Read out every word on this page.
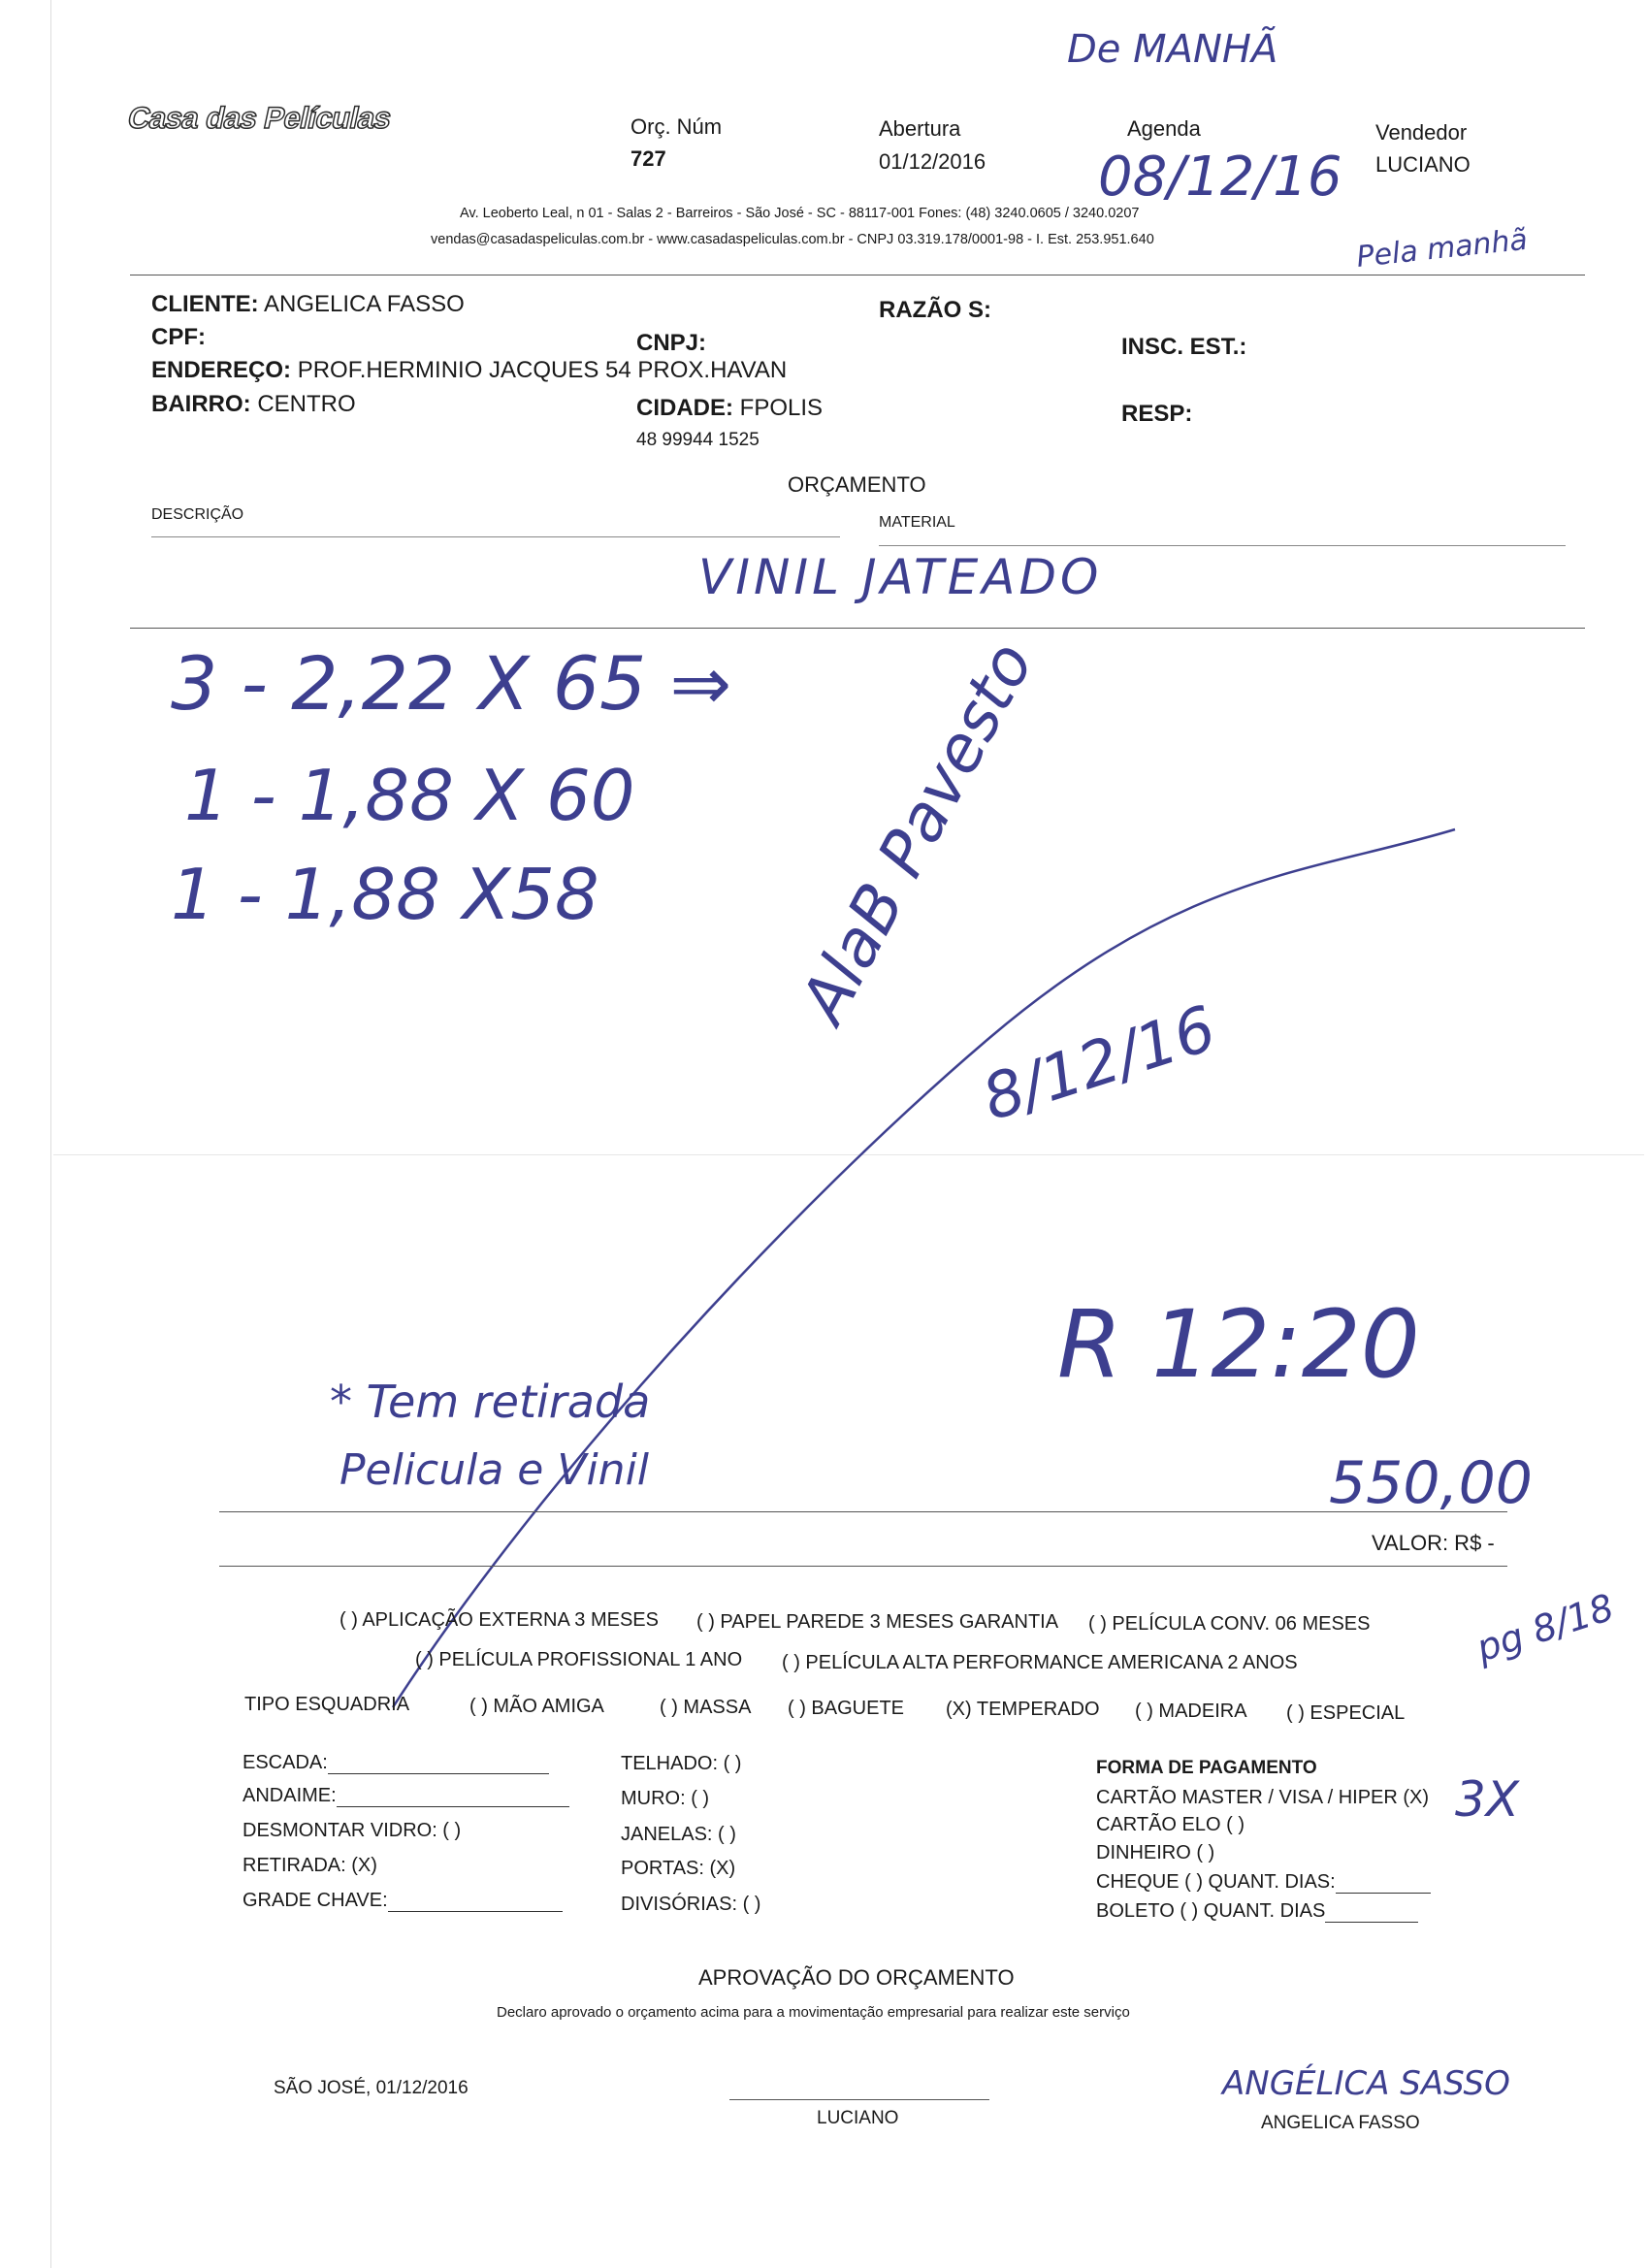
Casa das Películas	Orç. Núm
727
Abertura
01/12/2016
Agenda
08/12/16
Vendedor
LUCIANO
De MANHÃ
Pela manhã
Av. Leoberto Leal, n 01 - Salas 2 - Barreiros - São José - SC - 88117-001 Fones: (48) 3240.0605 / 3240.0207
vendas@casadaspeliculas.com.br - www.casadaspeliculas.com.br - CNPJ 03.319.178/0001-98 - I. Est. 253.951.640
CLIENTE: ANGELICA FASSO	RAZÃO S:
CPF:	CNPJ:	INSC. EST.:
ENDEREÇO: PROF.HERMINIO JACQUES 54 PROX.HAVAN
BAIRRO: CENTRO	CIDADE: FPOLIS	RESP:
48 99944 1525
ORÇAMENTO
DESCRIÇÃO	MATERIAL
VINIL JATEADO
3 - 2,22 X 65 ⇒
1 - 1,88 X 60
1 - 1,88 X58	AlaB Pavesto
8/12/16
R 12:20
* Tem retirada
Pelicula e Vinil	550,00
VALOR: R$ -
( ) APLICAÇÃO EXTERNA 3 MESES ( ) PAPEL PAREDE 3 MESES GARANTIA ( ) PELÍCULA CONV. 06 MESES
( ) PELÍCULA PROFISSIONAL 1 ANO ( ) PELÍCULA ALTA PERFORMANCE AMERICANA 2 ANOS	pg 8/18
TIPO ESQUADRIA	( ) MÃO AMIGA	( ) MASSA ( ) BAGUETE (X) TEMPERADO ( ) MADEIRA ( ) ESPECIAL
ESCADA:
ANDAIME:
DESMONTAR VIDRO: ( )
RETIRADA: (X)
GRADE CHAVE:
TELHADO: ( )
MURO: ( )
JANELAS: ( )
PORTAS: (X)
DIVISÓRIAS: ( )
FORMA DE PAGAMENTO
CARTÃO MASTER / VISA / HIPER (X) 3X
CARTÃO ELO ( )
DINHEIRO ( )
CHEQUE ( ) QUANT. DIAS:
BOLETO ( ) QUANT. DIAS
APROVAÇÃO DO ORÇAMENTO
Declaro aprovado o orçamento acima para a movimentação empresarial para realizar este serviço
SÃO JOSÉ, 01/12/2016
LUCIANO
ANGÉLICA SASSO
ANGELICA FASSO
